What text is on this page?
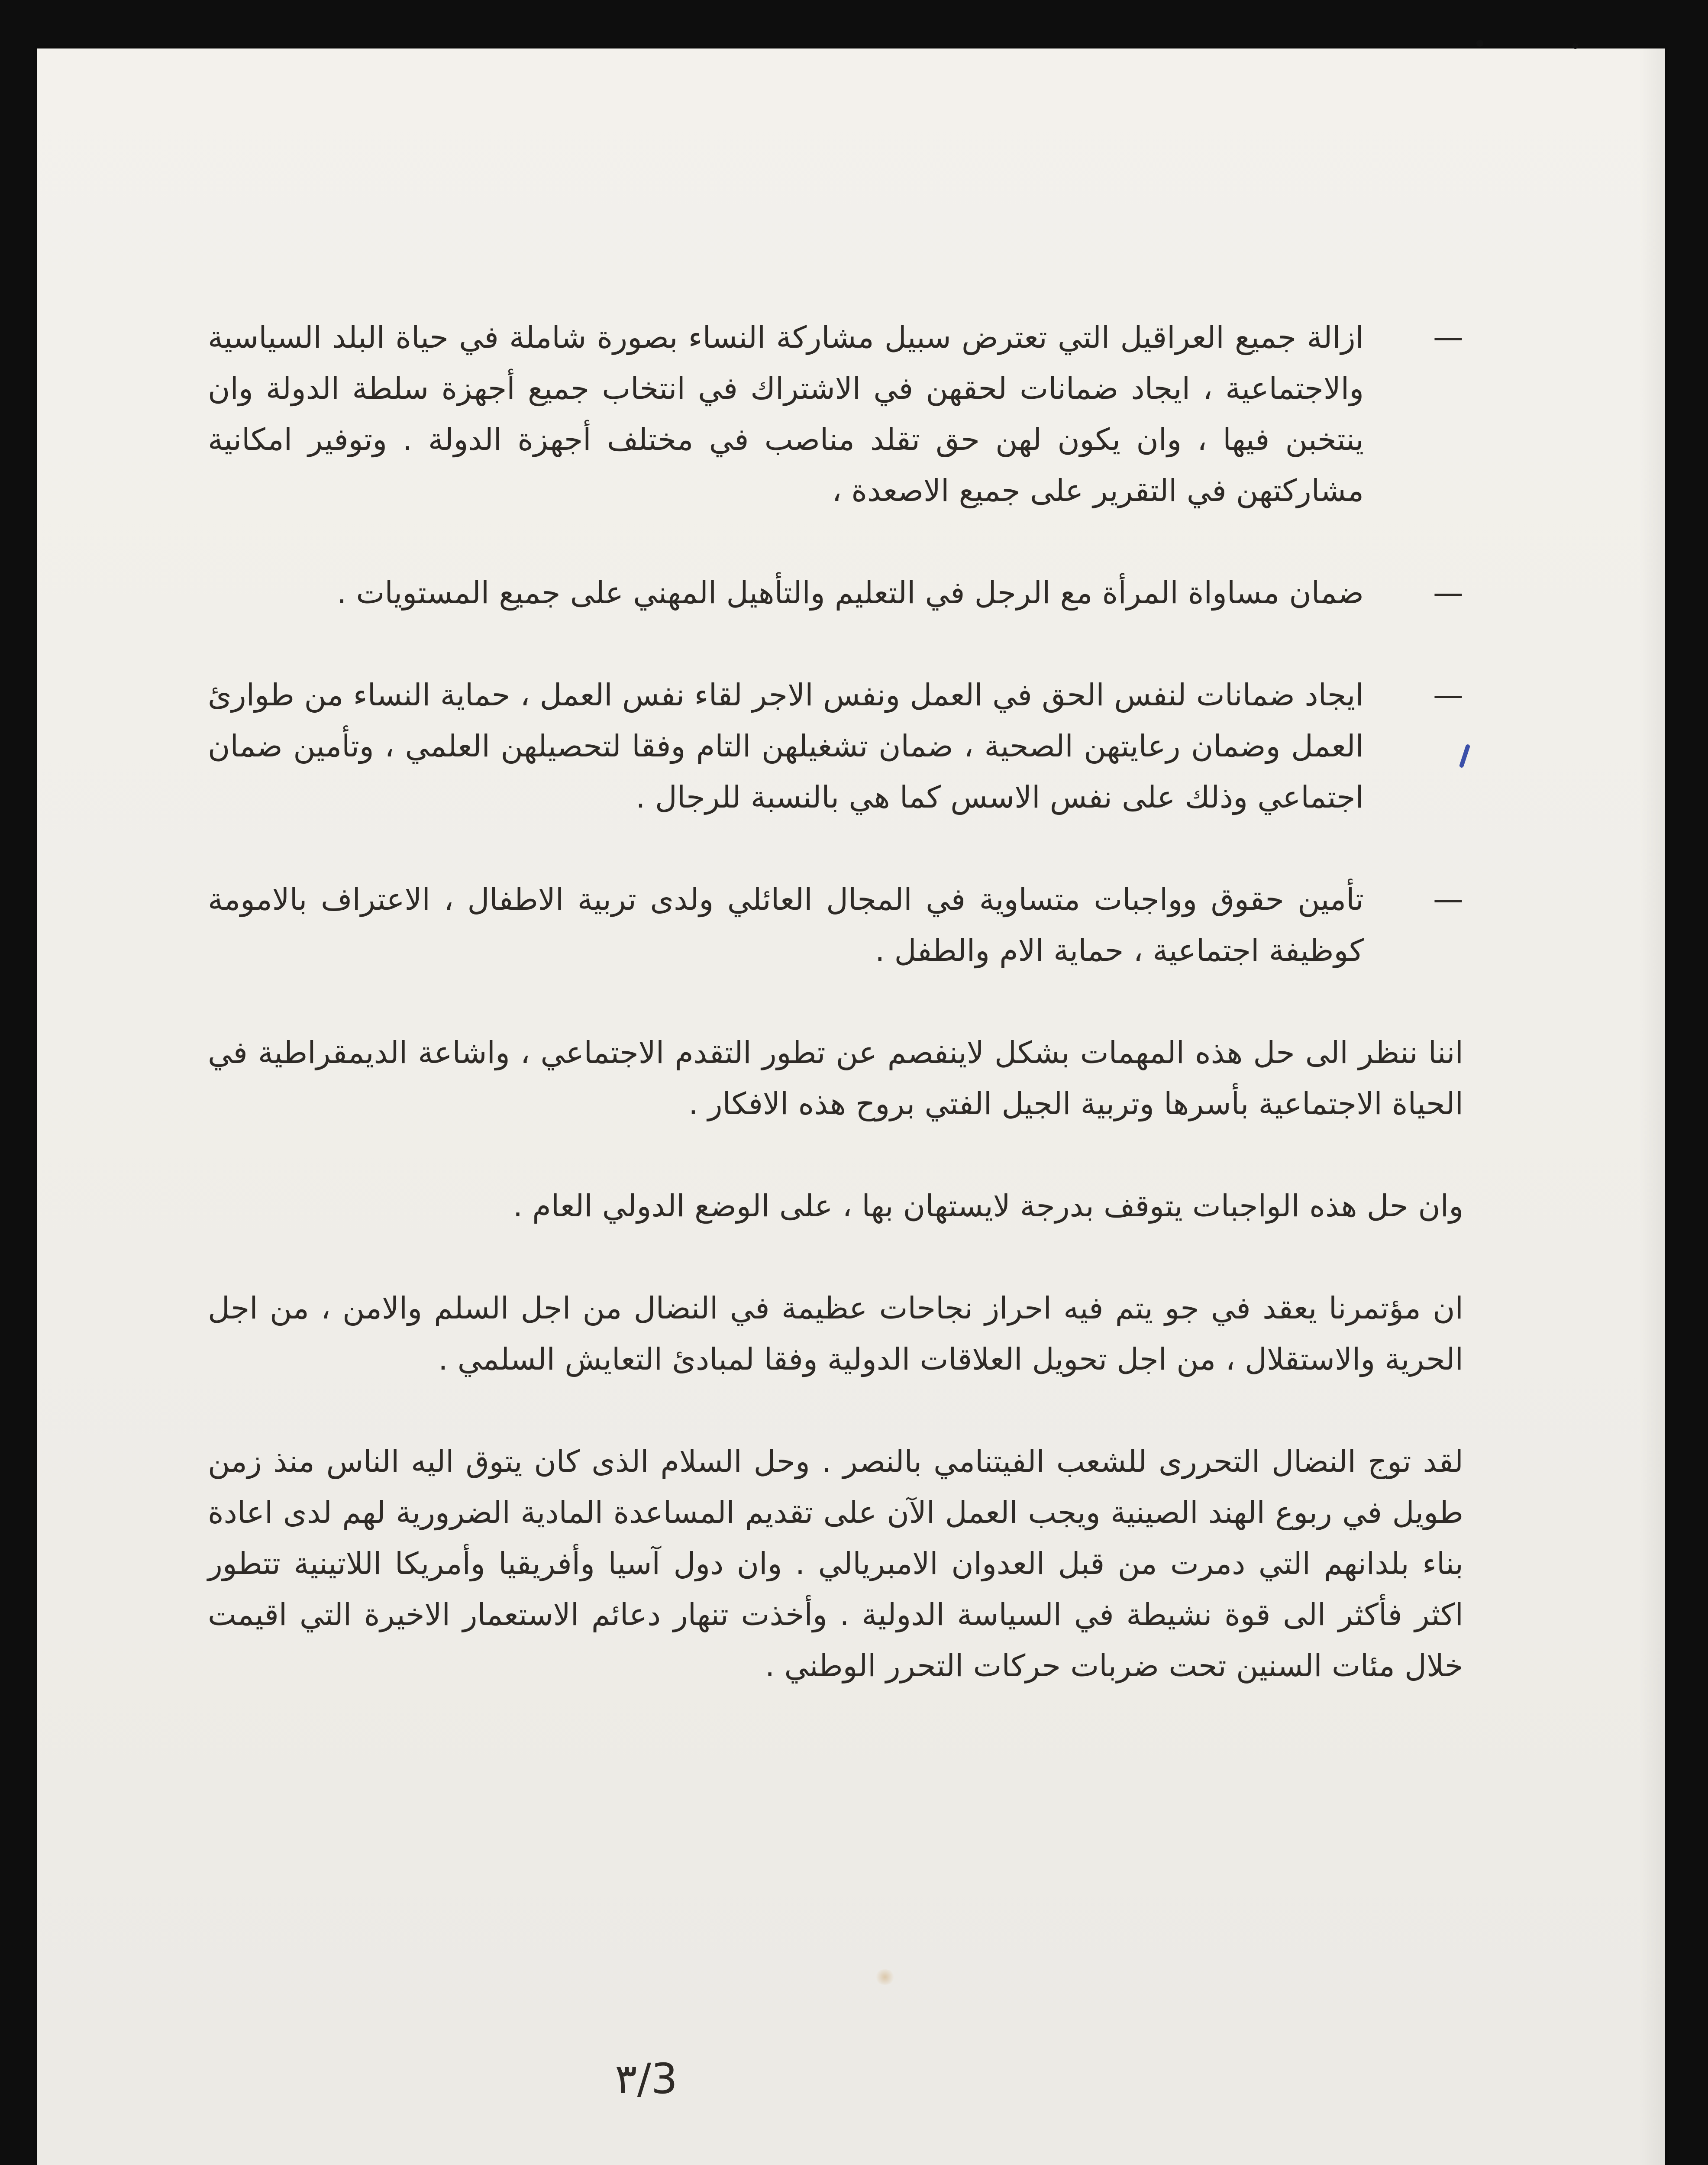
—
ازالة جميع العراقيل التي تعترض سبيل مشاركة النساء بصورة شاملة في حياة البلد السياسية والاجتماعية ، ايجاد ضمانات لحقهن في الاشتراك في انتخاب جميع أجهزة سلطة الدولة وان ينتخبن فيها ، وان يكون لهن حق تقلد مناصب في مختلف أجهزة الدولة . وتوفير امكانية مشاركتهن في التقرير على جميع الاصعدة ،
—
ضمان مساواة المرأة مع الرجل في التعليم والتأهيل المهني على جميع المستويات .
—
ايجاد ضمانات لنفس الحق في العمل ونفس الاجر لقاء نفس العمل ، حماية النساء من طوارئ العمل وضمان رعايتهن الصحية ، ضمان تشغيلهن التام وفقا لتحصيلهن العلمي ، وتأمين ضمان اجتماعي وذلك على نفس الاسس كما هي بالنسبة للرجال .
—
تأمين حقوق وواجبات متساوية في المجال العائلي ولدى تربية الاطفال ، الاعتراف بالامومة كوظيفة اجتماعية ، حماية الام والطفل .

اننا ننظر الى حل هذه المهمات بشكل لاينفصم عن تطور التقدم الاجتماعي ، واشاعة الديمقراطية في الحياة الاجتماعية بأسرها وتربية الجيل الفتي بروح هذه الافكار .

وان حل هذه الواجبات يتوقف بدرجة لايستهان بها ، على الوضع الدولي العام .

ان مؤتمرنا يعقد في جو يتم فيه احراز نجاحات عظيمة في النضال من اجل السلم والامن ، من اجل الحرية والاستقلال ، من اجل تحويل العلاقات الدولية وفقا لمبادئ التعايش السلمي .

لقد توج النضال التحررى للشعب الفيتنامي بالنصر . وحل السلام الذى كان يتوق اليه الناس منذ زمن طويل في ربوع الهند الصينية ويجب العمل الآن على تقديم المساعدة المادية الضرورية لهم لدى اعادة بناء بلدانهم التي دمرت من قبل العدوان الامبريالي . وان دول آسيا وأفريقيا وأمريكا اللاتينية تتطور اكثر فأكثر الى قوة نشيطة في السياسة الدولية . وأخذت تنهار دعائم الاستعمار الاخيرة التي اقيمت خلال مئات السنين تحت ضربات حركات التحرر الوطني .

٣/3
